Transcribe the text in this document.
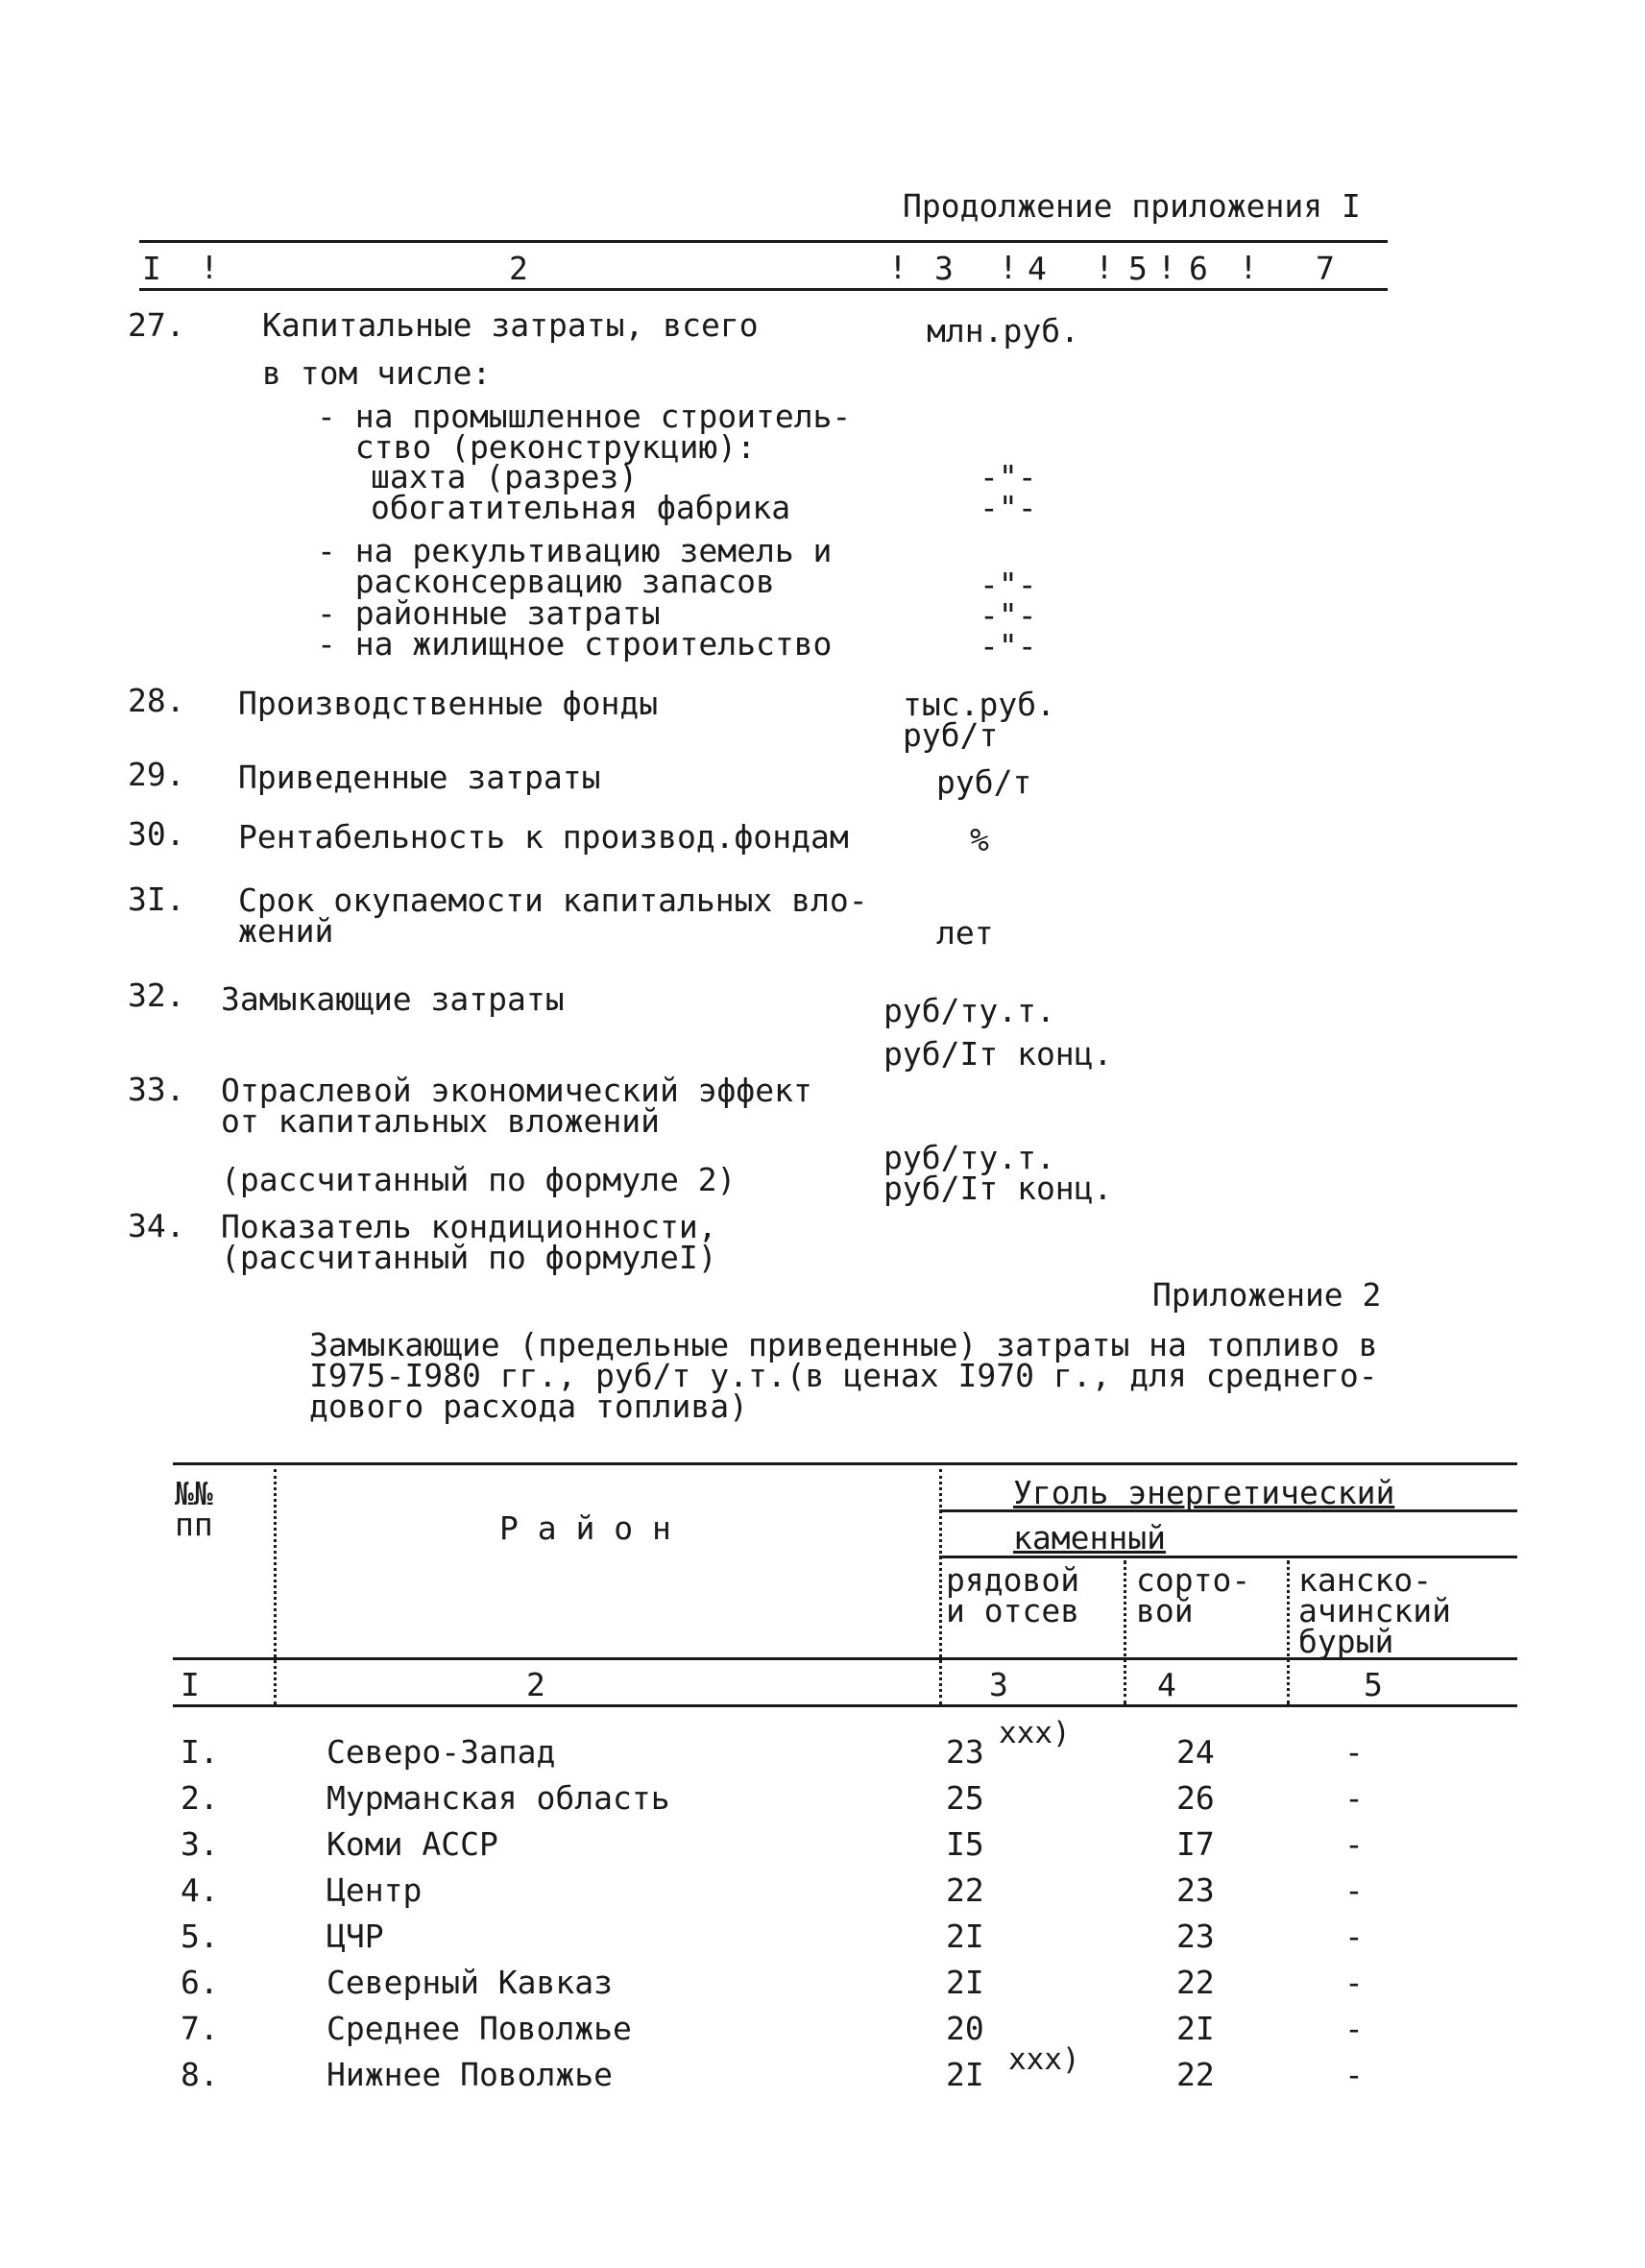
Продолжение приложения I
I !	2	! 3 ! 4 ! 5 ! 6 ! 7
27. Капитальные затраты, всего	млн.руб.
в том числе:
- на промышленное строитель-
ство (реконструкцию):
шахта (разрез)	-"-
обогатительная фабрика	-"-
- на рекультивацию земель и
расконсервацию запасов	-"-
- районные затраты	-"-
- на жилищное строительство	-"-
28. Производственные фонды	тыс.руб.
руб/т
29. Приведенные затраты	руб/т
30. Рентабельность к производ.фондам	%
3I. Срок окупаемости капитальных вло-
жений	лет
32. Замыкающие затраты	руб/ту.т.
руб/Iт конц.
33. Отраслевой экономический эффект
от капитальных вложений
(рассчитанный по формуле 2)
руб/ту.т.
руб/Iт конц.
34. Показатель кондиционности,
(рассчитанный по формулеI)
Приложение 2
Замыкающие (предельные приведенные) затраты на топливо в
I975-I980 гг., руб/т у.т.(в ценах I970 г., для среднего-
дового расхода топлива)
№№
пп	Р а й о н
Уголь энергетический
каменный
рядовой
и отсев
сорто-
вой
канско-
ачинский
бурый
I	2	3	4	5
I.	Северо-Запад	23 xxx)	24	-
2.	Мурманская область	25	26	-
3.	Коми АССР	I5	I7	-
4.	Центр	22	23	-
5.	ЦЧР	2I	23	-
6.	Северный Кавказ	2I	22	-
7.	Среднее Поволжье	20	2I	-
8.	Нижнее Поволжье	2I xxx)	22	-
